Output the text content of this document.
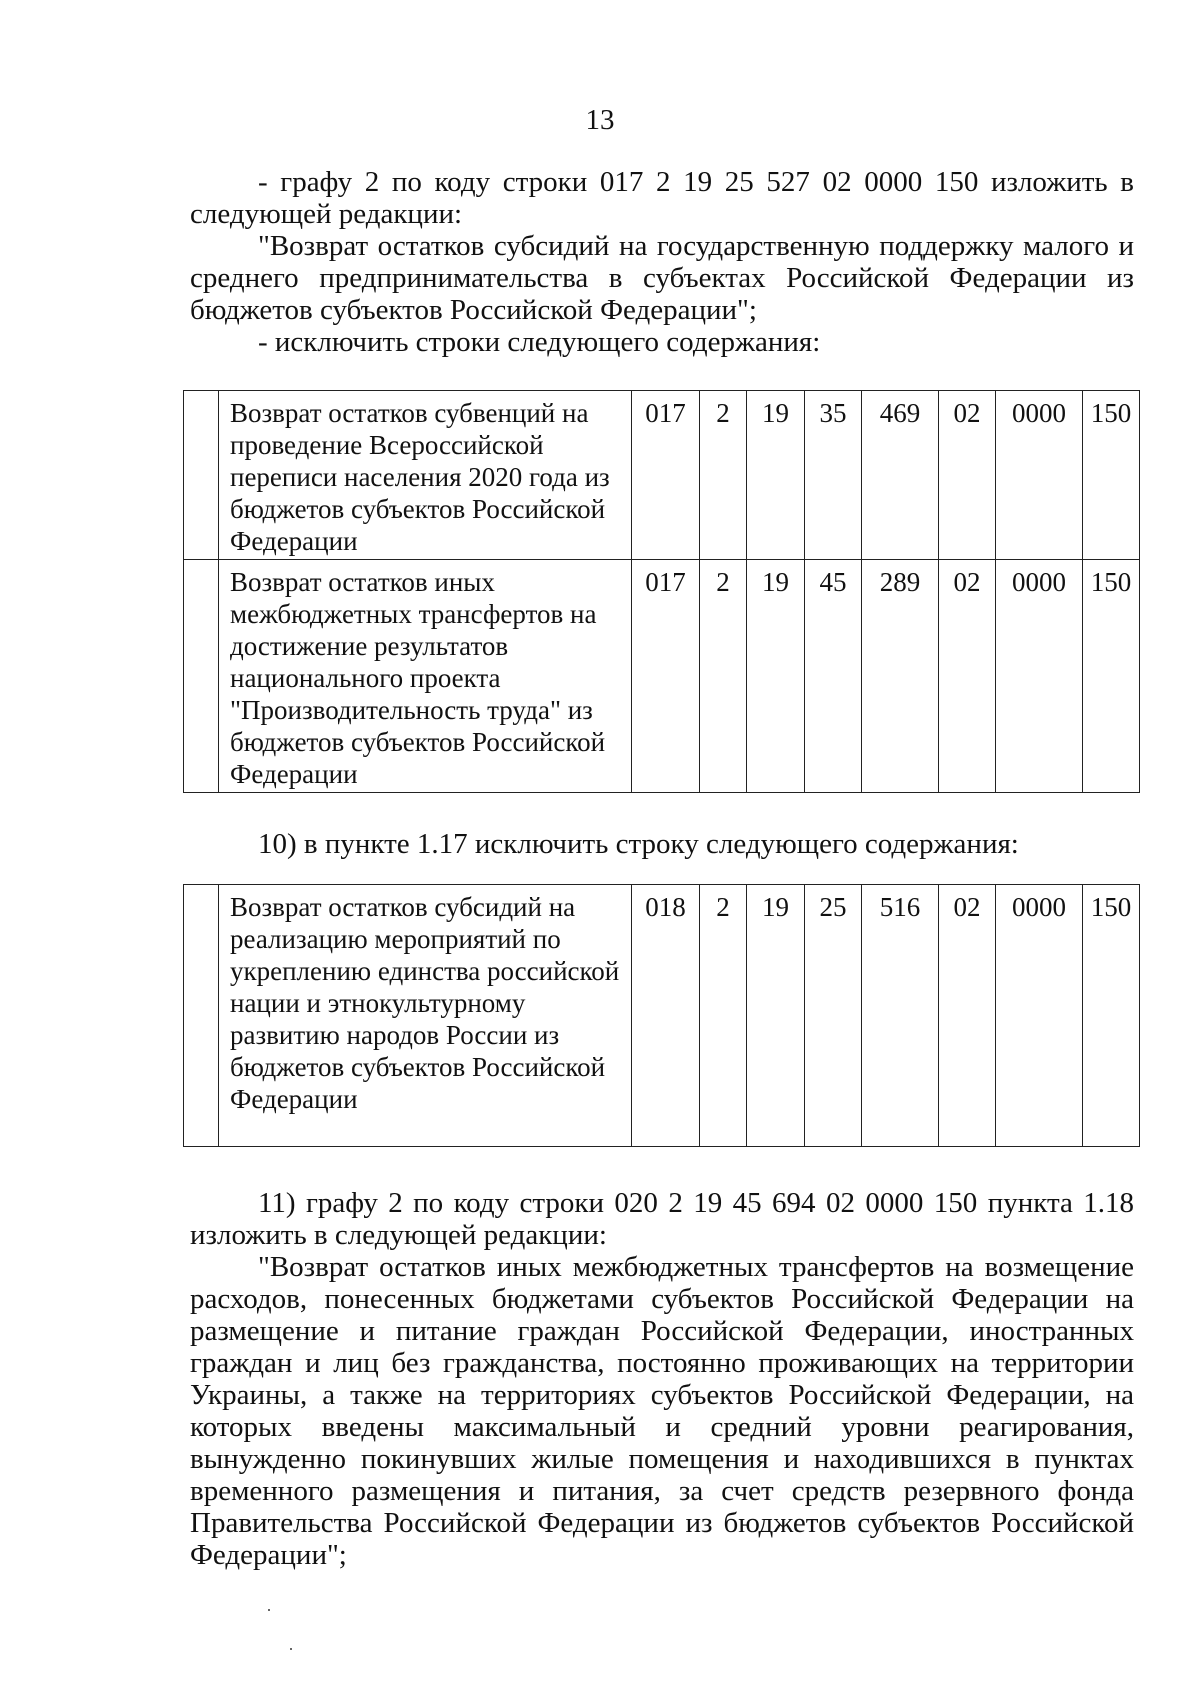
13
- графу 2 по коду строки 017 2 19 25 527 02 0000 150 изложить в следующей редакции:
"Возврат остатков субсидий на государственную поддержку малого и среднего предпринимательства в субъектах Российской Федерации из бюджетов субъектов Российской Федерации";
- исключить строки следующего содержания:
	Возврат остатков субвенций на проведение Всероссийской переписи населения 2020 года из бюджетов субъектов Российской Федерации	017	2	19	35	469	02	0000	150
	Возврат остатков иных межбюджетных трансфертов на достижение результатов национального проекта "Производительность труда" из бюджетов субъектов Российской Федерации	017	2	19	45	289	02	0000	150
10) в пункте 1.17 исключить строку следующего содержания:
	Возврат остатков субсидий на реализацию мероприятий по укреплению единства российской нации и этнокультурному развитию народов России из бюджетов субъектов Российской Федерации	018	2	19	25	516	02	0000	150
11) графу 2 по коду строки 020 2 19 45 694 02 0000 150 пункта 1.18 изложить в следующей редакции:
"Возврат остатков иных межбюджетных трансфертов на возмещение расходов, понесенных бюджетами субъектов Российской Федерации на размещение и питание граждан Российской Федерации, иностранных граждан и лиц без гражданства, постоянно проживающих на территории Украины, а также на территориях субъектов Российской Федерации, на которых введены максимальный и средний уровни реагирования, вынужденно покинувших жилые помещения и находившихся в пунктах временного размещения и питания, за счет средств резервного фонда Правительства Российской Федерации из бюджетов субъектов Российской Федерации";
